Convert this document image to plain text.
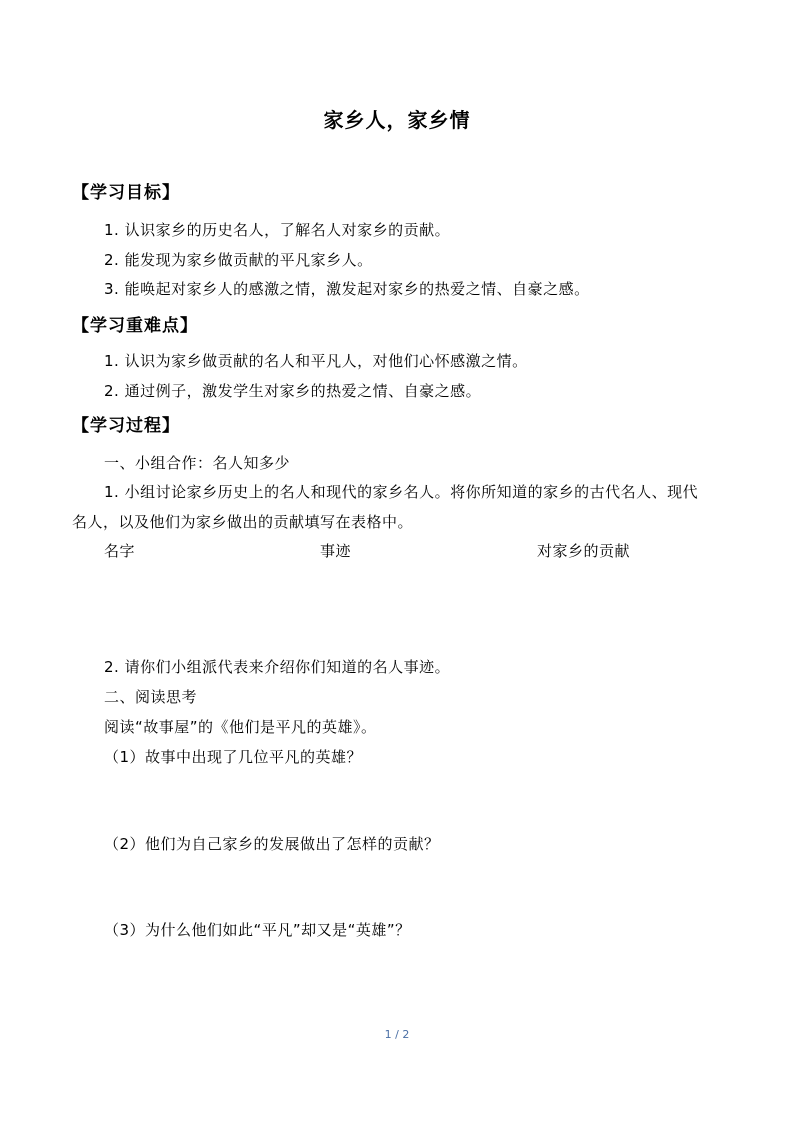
家乡人，家乡情
【学习目标】
1. 认识家乡的历史名人，了解名人对家乡的贡献。
2. 能发现为家乡做贡献的平凡家乡人。
3. 能唤起对家乡人的感激之情，激发起对家乡的热爱之情、自豪之感。
【学习重难点】
1. 认识为家乡做贡献的名人和平凡人，对他们心怀感激之情。
2. 通过例子，激发学生对家乡的热爱之情、自豪之感。
【学习过程】
一、小组合作：名人知多少
1. 小组讨论家乡历史上的名人和现代的家乡名人。将你所知道的家乡的古代名人、现代
名人，以及他们为家乡做出的贡献填写在表格中。
名字	事迹	对家乡的贡献
2. 请你们小组派代表来介绍你们知道的名人事迹。
二、阅读思考
阅读“故事屋”的《他们是平凡的英雄》。
（1）故事中出现了几位平凡的英雄？
（2）他们为自己家乡的发展做出了怎样的贡献？
（3）为什么他们如此“平凡”却又是“英雄”？
1 / 2
